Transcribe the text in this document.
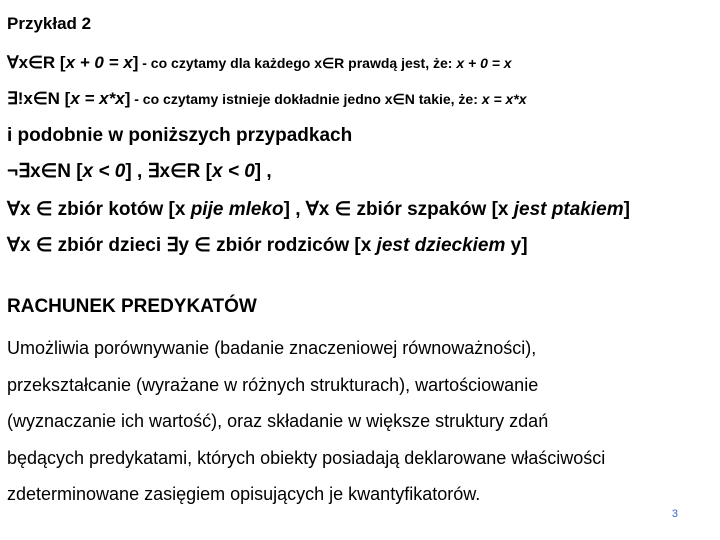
Przykład 2
∀x∈R [x + 0 = x] - co czytamy dla każdego x∈R prawdą jest, że: x + 0 = x
∃!x∈N [x = x*x] - co czytamy istnieje dokładnie jedno x∈N takie, że: x = x*x
i podobnie w poniższych przypadkach
¬∃x∈N [x < 0] , ∃x∈R [x < 0] ,
∀x ∈ zbiór kotów [x pije mleko] , ∀x ∈ zbiór szpaków [x jest ptakiem]
∀x ∈ zbiór dzieci ∃y ∈ zbiór rodziców [x jest dzieckiem y]
RACHUNEK PREDYKATÓW
Umożliwia porównywanie (badanie znaczeniowej równoważności),
przekształcanie (wyrażane w różnych strukturach), wartościowanie
(wyznaczanie ich wartość), oraz składanie w większe struktury zdań
będących predykatami, których obiekty posiadają deklarowane właściwości
zdeterminowane zasięgiem opisujących je kwantyfikatorów.
3
